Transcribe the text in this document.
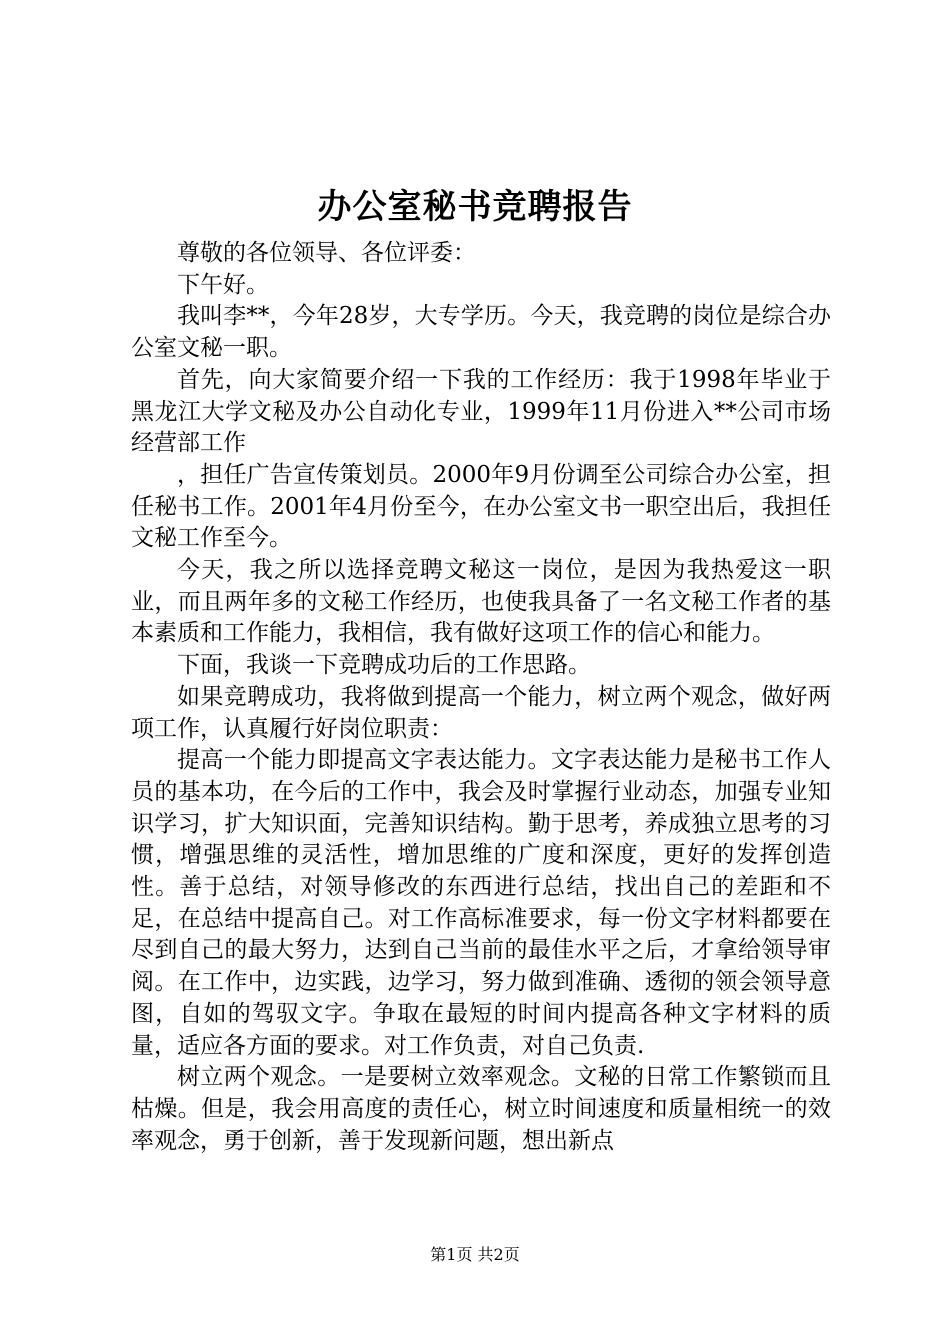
办公室秘书竞聘报告

尊敬的各位领导、各位评委：

下午好。

我叫李**，今年28岁，大专学历。今天，我竞聘的岗位是综合办公室文秘一职。

首先，向大家简要介绍一下我的工作经历：我于1998年毕业于黑龙江大学文秘及办公自动化专业，1999年11月份进入**公司市场经营部工作

，担任广告宣传策划员。2000年9月份调至公司综合办公室，担任秘书工作。2001年4月份至今，在办公室文书一职空出后，我担任文秘工作至今。

今天，我之所以选择竞聘文秘这一岗位，是因为我热爱这一职业，而且两年多的文秘工作经历，也使我具备了一名文秘工作者的基本素质和工作能力，我相信，我有做好这项工作的信心和能力。

下面，我谈一下竞聘成功后的工作思路。

如果竞聘成功，我将做到提高一个能力，树立两个观念，做好两项工作，认真履行好岗位职责：

提高一个能力即提高文字表达能力。文字表达能力是秘书工作人员的基本功，在今后的工作中，我会及时掌握行业动态，加强专业知识学习，扩大知识面，完善知识结构。勤于思考，养成独立思考的习惯，增强思维的灵活性，增加思维的广度和深度，更好的发挥创造性。善于总结，对领导修改的东西进行总结，找出自己的差距和不足，在总结中提高自己。对工作高标准要求，每一份文字材料都要在尽到自己的最大努力，达到自己当前的最佳水平之后，才拿给领导审阅。在工作中，边实践，边学习，努力做到准确、透彻的领会领导意图，自如的驾驭文字。争取在最短的时间内提高各种文字材料的质量，适应各方面的要求。对工作负责，对自己负责.

树立两个观念。一是要树立效率观念。文秘的日常工作繁锁而且枯燥。但是，我会用高度的责任心，树立时间速度和质量相统一的效率观念，勇于创新，善于发现新问题，想出新点

第1页 共2页
